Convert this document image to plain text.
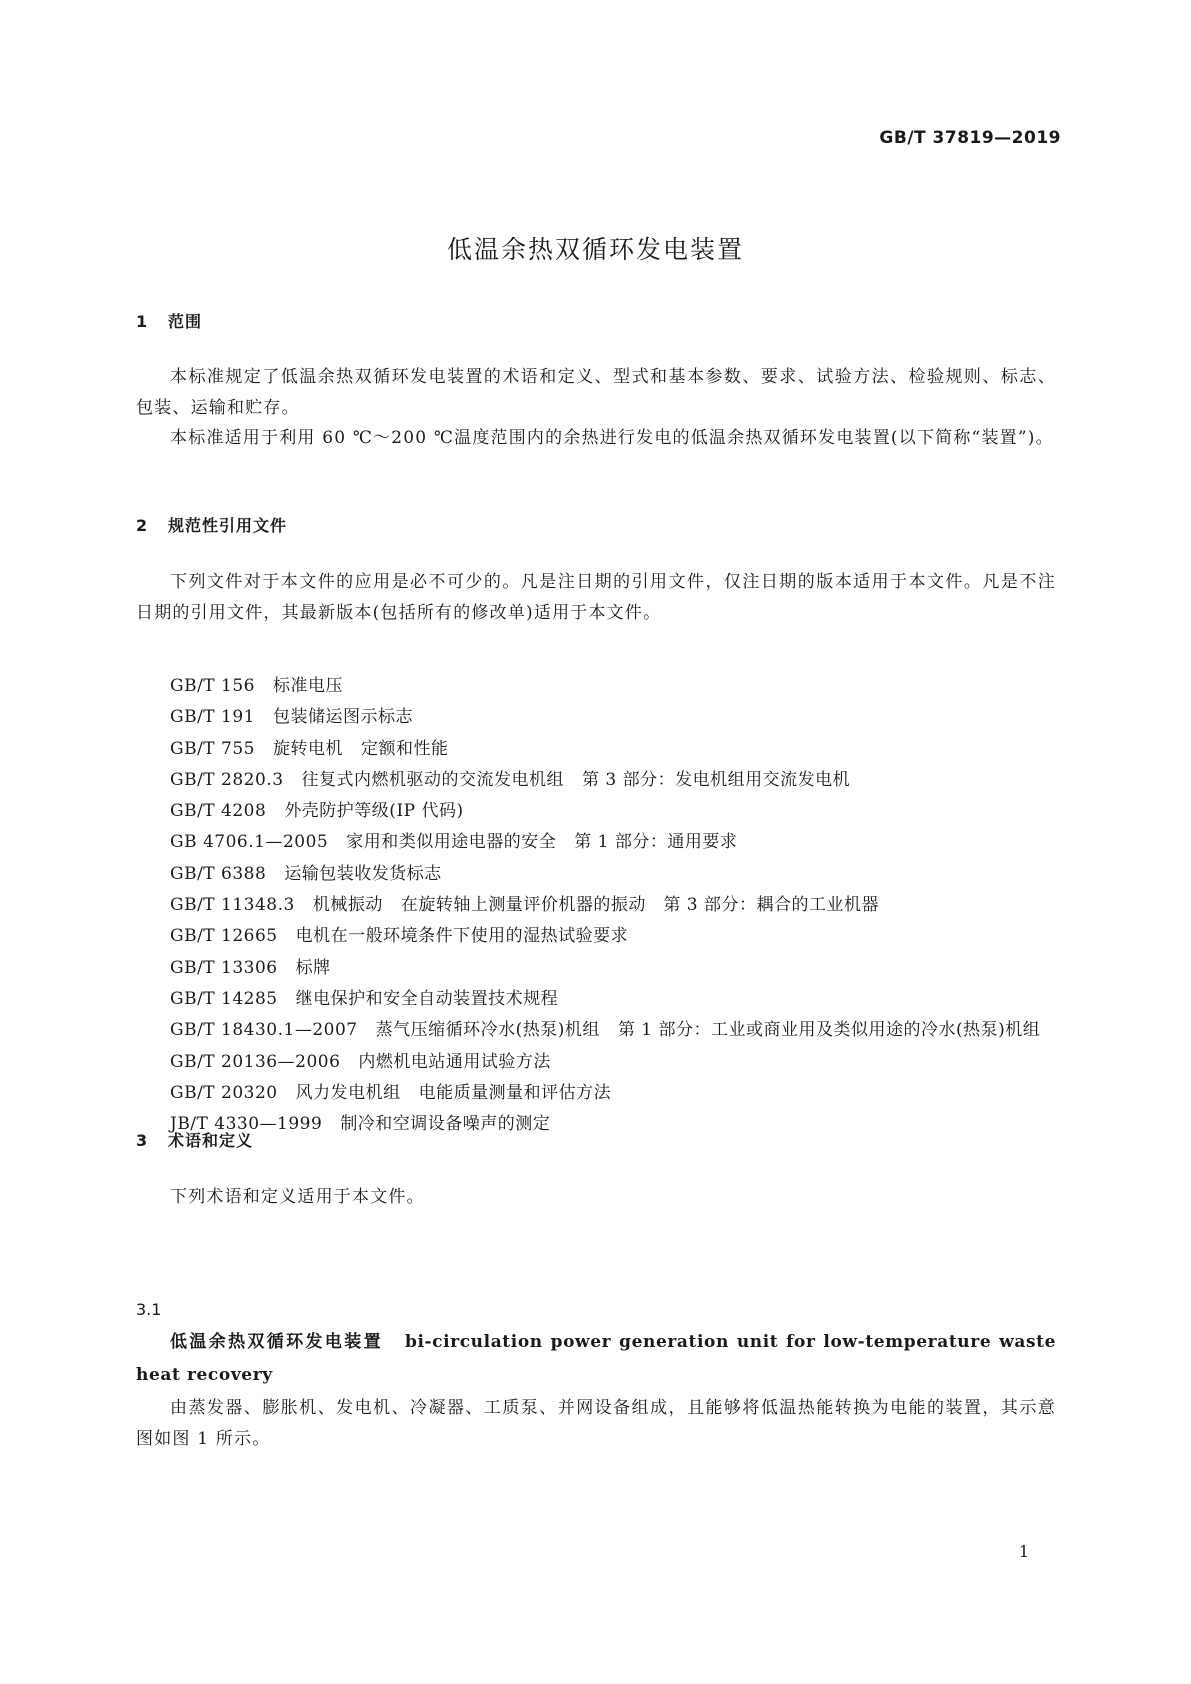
GB/T 37819—2019
低温余热双循环发电装置
1 范围
本标准规定了低温余热双循环发电装置的术语和定义、型式和基本参数、要求、试验方法、检验规则、标志、包装、运输和贮存。
本标准适用于利用 60 ℃～200 ℃温度范围内的余热进行发电的低温余热双循环发电装置(以下简称“装置”)。
2 规范性引用文件
下列文件对于本文件的应用是必不可少的。凡是注日期的引用文件，仅注日期的版本适用于本文件。凡是不注日期的引用文件，其最新版本(包括所有的修改单)适用于本文件。
GB/T 156 标准电压
GB/T 191 包装储运图示标志
GB/T 755 旋转电机 定额和性能
GB/T 2820.3 往复式内燃机驱动的交流发电机组 第 3 部分：发电机组用交流发电机
GB/T 4208 外壳防护等级(IP 代码)
GB 4706.1—2005 家用和类似用途电器的安全 第 1 部分：通用要求
GB/T 6388 运输包装收发货标志
GB/T 11348.3 机械振动 在旋转轴上测量评价机器的振动　第 3 部分：耦合的工业机器
GB/T 12665 电机在一般环境条件下使用的湿热试验要求
GB/T 13306 标牌
GB/T 14285 继电保护和安全自动装置技术规程
GB/T 18430.1—2007 蒸气压缩循环冷水(热泵)机组 第 1 部分：工业或商业用及类似用途的冷水(热泵)机组
GB/T 20136—2006 内燃机电站通用试验方法
GB/T 20320 风力发电机组 电能质量测量和评估方法
JB/T 4330—1999 制冷和空调设备噪声的测定
3 术语和定义
下列术语和定义适用于本文件。
3.1
低温余热双循环发电装置 bi-circulation power generation unit for low-temperature waste heat recovery
由蒸发器、膨胀机、发电机、冷凝器、工质泵、并网设备组成，且能够将低温热能转换为电能的装置，其示意图如图 1 所示。
1
